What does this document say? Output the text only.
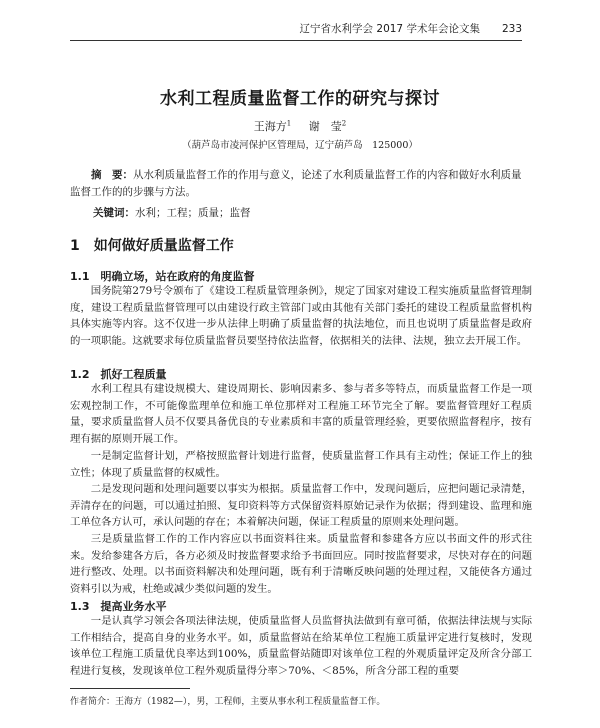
辽宁省水利学会 2017 学术年会论文集 233
水利工程质量监督工作的研究与探讨
王海方$^1$ 谢　莹$^2$
（葫芦岛市凌河保护区管理局，辽宁葫芦岛　125000）
摘　要：从水利质量监督工作的作用与意义，论述了水利质量监督工作的内容和做好水利质量监督工作的的步骤与方法。
关键词：水利；工程；质量；监督
1　如何做好质量监督工作
1.1　明确立场，站在政府的角度监督
国务院第279号令颁布了《建设工程质量管理条例》，规定了国家对建设工程实施质量监督管理制度，建设工程质量监督管理可以由建设行政主管部门或由其他有关部门委托的建设工程质量监督机构具体实施等内容。这不仅进一步从法律上明确了质量监督的执法地位，而且也说明了质量监督是政府的一项职能。这就要求每位质量监督员要坚持依法监督，依据相关的法律、法规，独立去开展工作。
1.2　抓好工程质量
水利工程具有建设规模大、建设周期长、影响因素多、参与者多等特点，而质量监督工作是一项宏观控制工作，不可能像监理单位和施工单位那样对工程施工环节完全了解。要监督管理好工程质量，要求质量监督人员不仅要具备优良的专业素质和丰富的质量管理经验，更要依照监督程序，按有理有据的原则开展工作。
一是制定监督计划，严格按照监督计划进行监督，使质量监督工作具有主动性；保证工作上的独立性；体现了质量监督的权威性。
二是发现问题和处理问题要以事实为根据。质量监督工作中，发现问题后，应把问题记录清楚，弄清存在的问题，可以通过拍照、复印资料等方式保留资料原始记录作为依据；得到建设、监理和施工单位各方认可，承认问题的存在；本着解决问题，保证工程质量的原则来处理问题。
三是质量监督工作的工作内容应以书面资料往来。质量监督和参建各方应以书面文件的形式往来。发给参建各方后，各方必须及时按监督要求给予书面回应。同时按监督要求，尽快对存在的问题进行整改、处理。以书面资料解决和处理问题，既有利于清晰反映问题的处理过程，又能使各方通过资料引以为戒，杜绝或减少类似问题的发生。
1.3　提高业务水平
一是认真学习领会各项法律法规，使质量监督人员监督执法做到有章可循，依据法律法规与实际工作相结合，提高自身的业务水平。如，质量监督站在给某单位工程施工质量评定进行复核时，发现该单位工程施工质量优良率达到100%，质量监督站随即对该单位工程的外观质量评定及所含分部工程进行复核，发现该单位工程外观质量得分率＞70%、＜85%，所含分部工程的重要
作者简介：王海方（1982—），男，工程师，主要从事水利工程质量监督工作。
